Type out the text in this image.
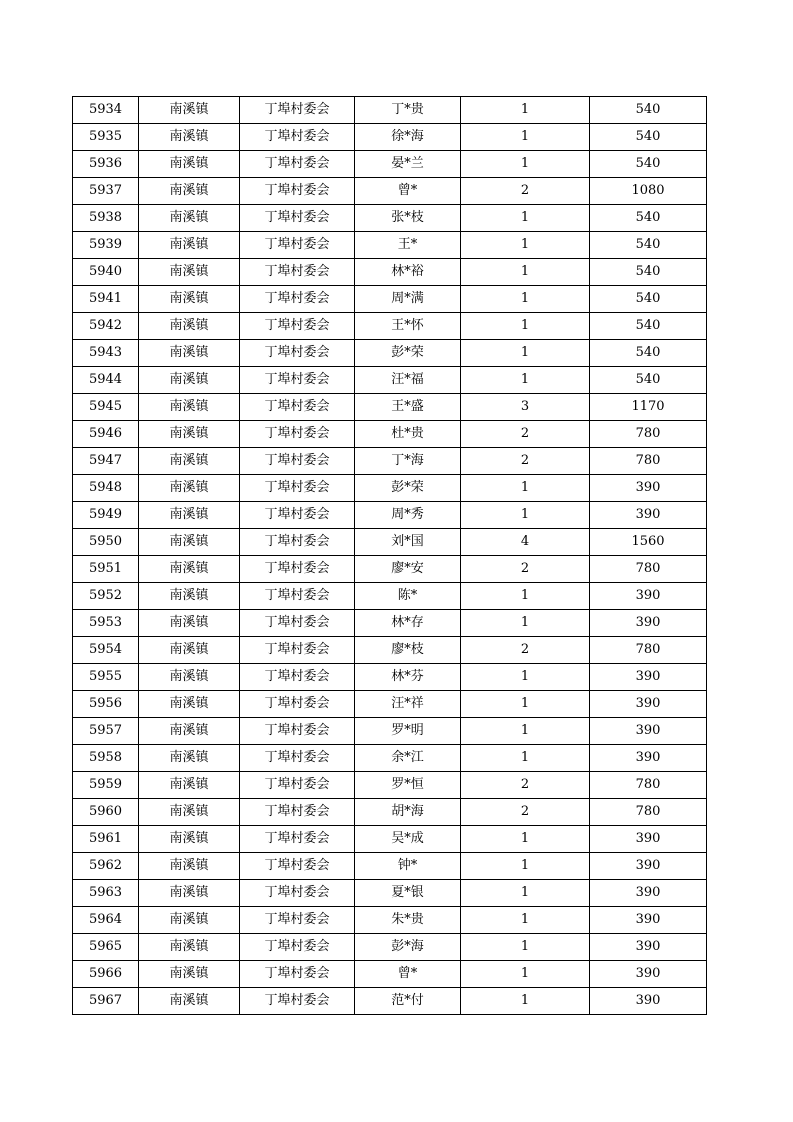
5934	南溪镇	丁埠村委会	丁*贵	1	540
5935	南溪镇	丁埠村委会	徐*海	1	540
5936	南溪镇	丁埠村委会	晏*兰	1	540
5937	南溪镇	丁埠村委会	曾*	2	1080
5938	南溪镇	丁埠村委会	张*枝	1	540
5939	南溪镇	丁埠村委会	王*	1	540
5940	南溪镇	丁埠村委会	林*裕	1	540
5941	南溪镇	丁埠村委会	周*满	1	540
5942	南溪镇	丁埠村委会	王*怀	1	540
5943	南溪镇	丁埠村委会	彭*荣	1	540
5944	南溪镇	丁埠村委会	汪*福	1	540
5945	南溪镇	丁埠村委会	王*盛	3	1170
5946	南溪镇	丁埠村委会	杜*贵	2	780
5947	南溪镇	丁埠村委会	丁*海	2	780
5948	南溪镇	丁埠村委会	彭*荣	1	390
5949	南溪镇	丁埠村委会	周*秀	1	390
5950	南溪镇	丁埠村委会	刘*国	4	1560
5951	南溪镇	丁埠村委会	廖*安	2	780
5952	南溪镇	丁埠村委会	陈*	1	390
5953	南溪镇	丁埠村委会	林*存	1	390
5954	南溪镇	丁埠村委会	廖*枝	2	780
5955	南溪镇	丁埠村委会	林*芬	1	390
5956	南溪镇	丁埠村委会	汪*祥	1	390
5957	南溪镇	丁埠村委会	罗*明	1	390
5958	南溪镇	丁埠村委会	余*江	1	390
5959	南溪镇	丁埠村委会	罗*恒	2	780
5960	南溪镇	丁埠村委会	胡*海	2	780
5961	南溪镇	丁埠村委会	吴*成	1	390
5962	南溪镇	丁埠村委会	钟*	1	390
5963	南溪镇	丁埠村委会	夏*银	1	390
5964	南溪镇	丁埠村委会	朱*贵	1	390
5965	南溪镇	丁埠村委会	彭*海	1	390
5966	南溪镇	丁埠村委会	曾*	1	390
5967	南溪镇	丁埠村委会	范*付	1	390
